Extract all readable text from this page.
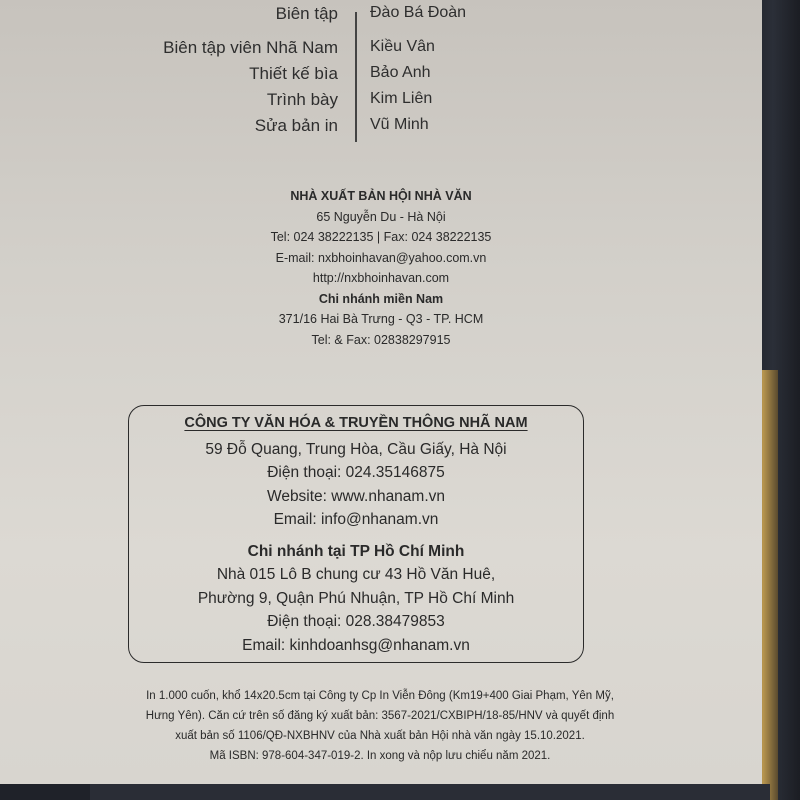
Biên tập Đào Bá Đoàn
Biên tập viên Nhã Nam Kiều Vân
Thiết kế bìa Bảo Anh
Trình bày Kim Liên
Sửa bản in Vũ Minh
NHÀ XUẤT BẢN HỘI NHÀ VĂN
65 Nguyễn Du - Hà Nội
Tel: 024 38222135 | Fax: 024 38222135
E-mail: nxbhoinhavan@yahoo.com.vn
http://nxbhoinhavan.com
Chi nhánh miền Nam
371/16 Hai Bà Trưng - Q3 - TP. HCM
Tel: & Fax: 02838297915
CÔNG TY VĂN HÓA & TRUYỀN THÔNG NHÃ NAM
59 Đỗ Quang, Trung Hòa, Cầu Giấy, Hà Nội
Điện thoại: 024.35146875
Website: www.nhanam.vn
Email: info@nhanam.vn
Chi nhánh tại TP Hồ Chí Minh
Nhà 015 Lô B chung cư 43 Hồ Văn Huê,
Phường 9, Quận Phú Nhuận, TP Hồ Chí Minh
Điện thoại: 028.38479853
Email: kinhdoanhsg@nhanam.vn
In 1.000 cuốn, khổ 14x20.5cm tại Công ty Cp In Viễn Đông (Km19+400 Giai Phạm, Yên Mỹ,
Hưng Yên). Căn cứ trên số đăng ký xuất bản: 3567-2021/CXBIPH/18-85/HNV và quyết định
xuất bản số 1106/QĐ-NXBHNV của Nhà xuất bản Hội nhà văn ngày 15.10.2021.
Mã ISBN: 978-604-347-019-2. In xong và nộp lưu chiểu năm 2021.
